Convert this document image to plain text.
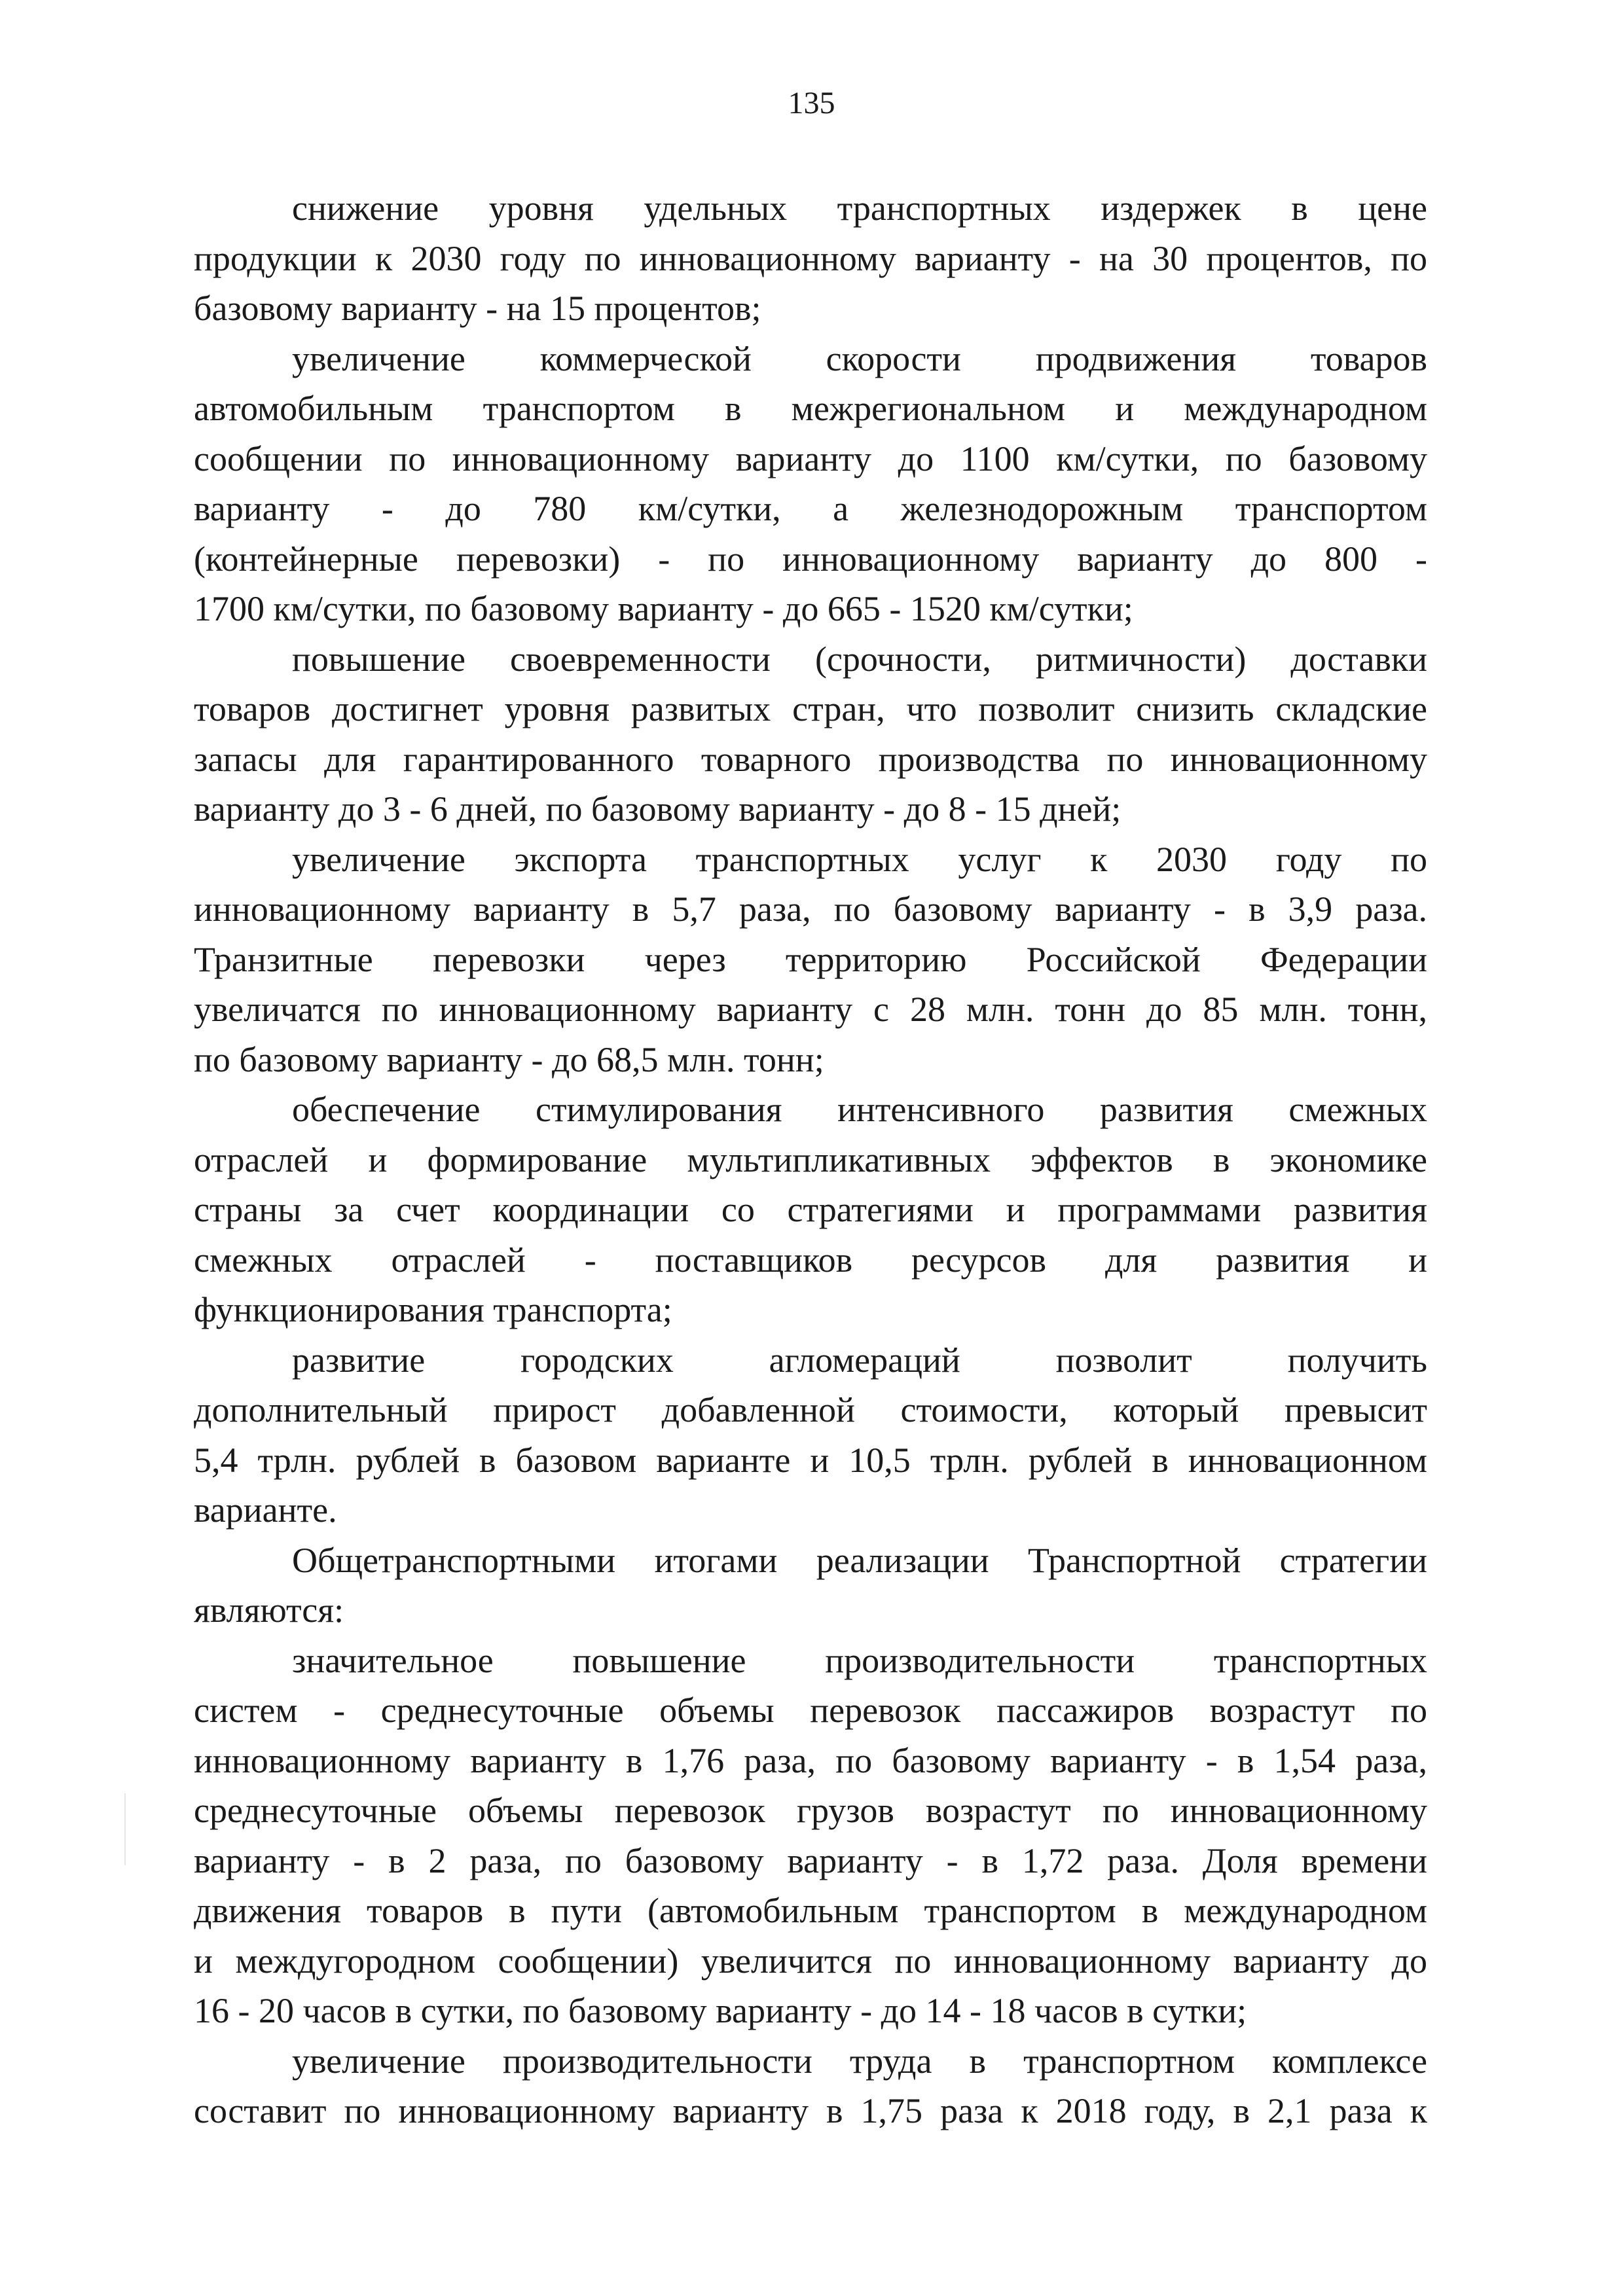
135

снижение уровня удельных транспортных издержек в цене
продукции к 2030 году по инновационному варианту - на 30 процентов, по
базовому варианту - на 15 процентов;

увеличение коммерческой скорости продвижения товаров
автомобильным транспортом в межрегиональном и международном
сообщении по инновационному варианту до 1100 км/сутки, по базовому
варианту - до 780 км/сутки, а железнодорожным транспортом
(контейнерные перевозки) - по инновационному варианту до 800 -
1700 км/сутки, по базовому варианту - до 665 - 1520 км/сутки;

повышение своевременности (срочности, ритмичности) доставки
товаров достигнет уровня развитых стран, что позволит снизить складские
запасы для гарантированного товарного производства по инновационному
варианту до 3 - 6 дней, по базовому варианту - до 8 - 15 дней;

увеличение экспорта транспортных услуг к 2030 году по
инновационному варианту в 5,7 раза, по базовому варианту - в 3,9 раза.
Транзитные перевозки через территорию Российской Федерации
увеличатся по инновационному варианту с 28 млн. тонн до 85 млн. тонн,
по базовому варианту - до 68,5 млн. тонн;

обеспечение стимулирования интенсивного развития смежных
отраслей и формирование мультипликативных эффектов в экономике
страны за счет координации со стратегиями и программами развития
смежных отраслей - поставщиков ресурсов для развития и
функционирования транспорта;

развитие городских агломераций позволит получить
дополнительный прирост добавленной стоимости, который превысит
5,4 трлн. рублей в базовом варианте и 10,5 трлн. рублей в инновационном
варианте.

Общетранспортными итогами реализации Транспортной стратегии
являются:

значительное повышение производительности транспортных
систем - среднесуточные объемы перевозок пассажиров возрастут по
инновационному варианту в 1,76 раза, по базовому варианту - в 1,54 раза,
среднесуточные объемы перевозок грузов возрастут по инновационному
варианту - в 2 раза, по базовому варианту - в 1,72 раза. Доля времени
движения товаров в пути (автомобильным транспортом в международном
и междугородном сообщении) увеличится по инновационному варианту до
16 - 20 часов в сутки, по базовому варианту - до 14 - 18 часов в сутки;

увеличение производительности труда в транспортном комплексе
составит по инновационному варианту в 1,75 раза к 2018 году, в 2,1 раза к
